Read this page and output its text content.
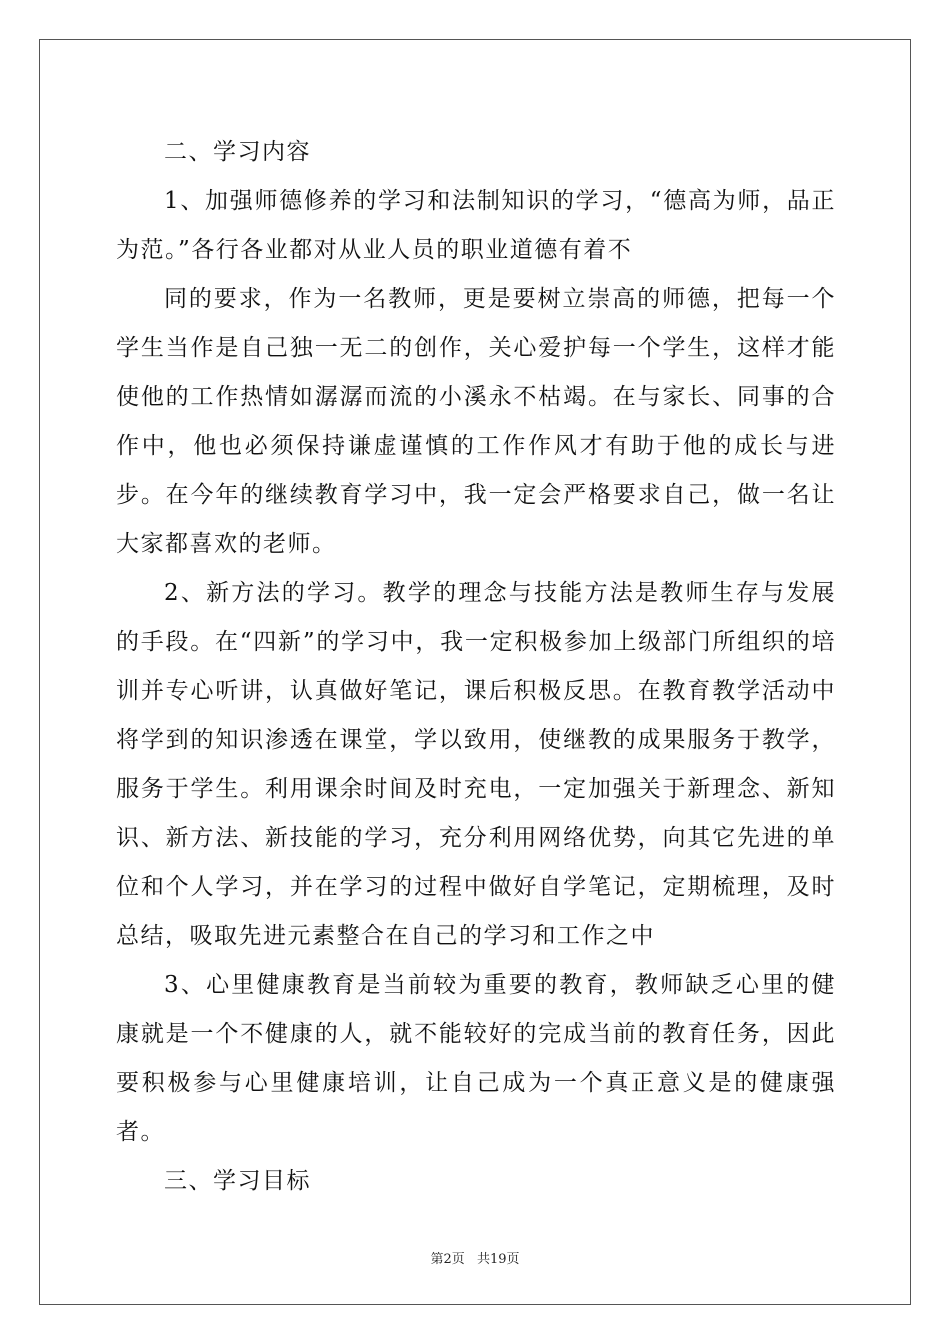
二、学习内容

1、加强师德修养的学习和法制知识的学习，“德高为师，品正为范。”各行各业都对从业人员的职业道德有着不

同的要求，作为一名教师，更是要树立崇高的师德，把每一个学生当作是自己独一无二的创作，关心爱护每一个学生，这样才能使他的工作热情如潺潺而流的小溪永不枯竭。在与家长、同事的合作中，他也必须保持谦虚谨慎的工作作风才有助于他的成长与进步。在今年的继续教育学习中，我一定会严格要求自己，做一名让大家都喜欢的老师。

2、新方法的学习。教学的理念与技能方法是教师生存与发展的手段。在“四新”的学习中，我一定积极参加上级部门所组织的培训并专心听讲，认真做好笔记，课后积极反思。在教育教学活动中将学到的知识渗透在课堂，学以致用，使继教的成果服务于教学，服务于学生。利用课余时间及时充电，一定加强关于新理念、新知识、新方法、新技能的学习，充分利用网络优势，向其它先进的单位和个人学习，并在学习的过程中做好自学笔记，定期梳理，及时总结，吸取先进元素整合在自己的学习和工作之中

3、心里健康教育是当前较为重要的教育，教师缺乏心里的健康就是一个不健康的人，就不能较好的完成当前的教育任务，因此要积极参与心里健康培训，让自己成为一个真正意义是的健康强者。

三、学习目标

第2页 共19页
